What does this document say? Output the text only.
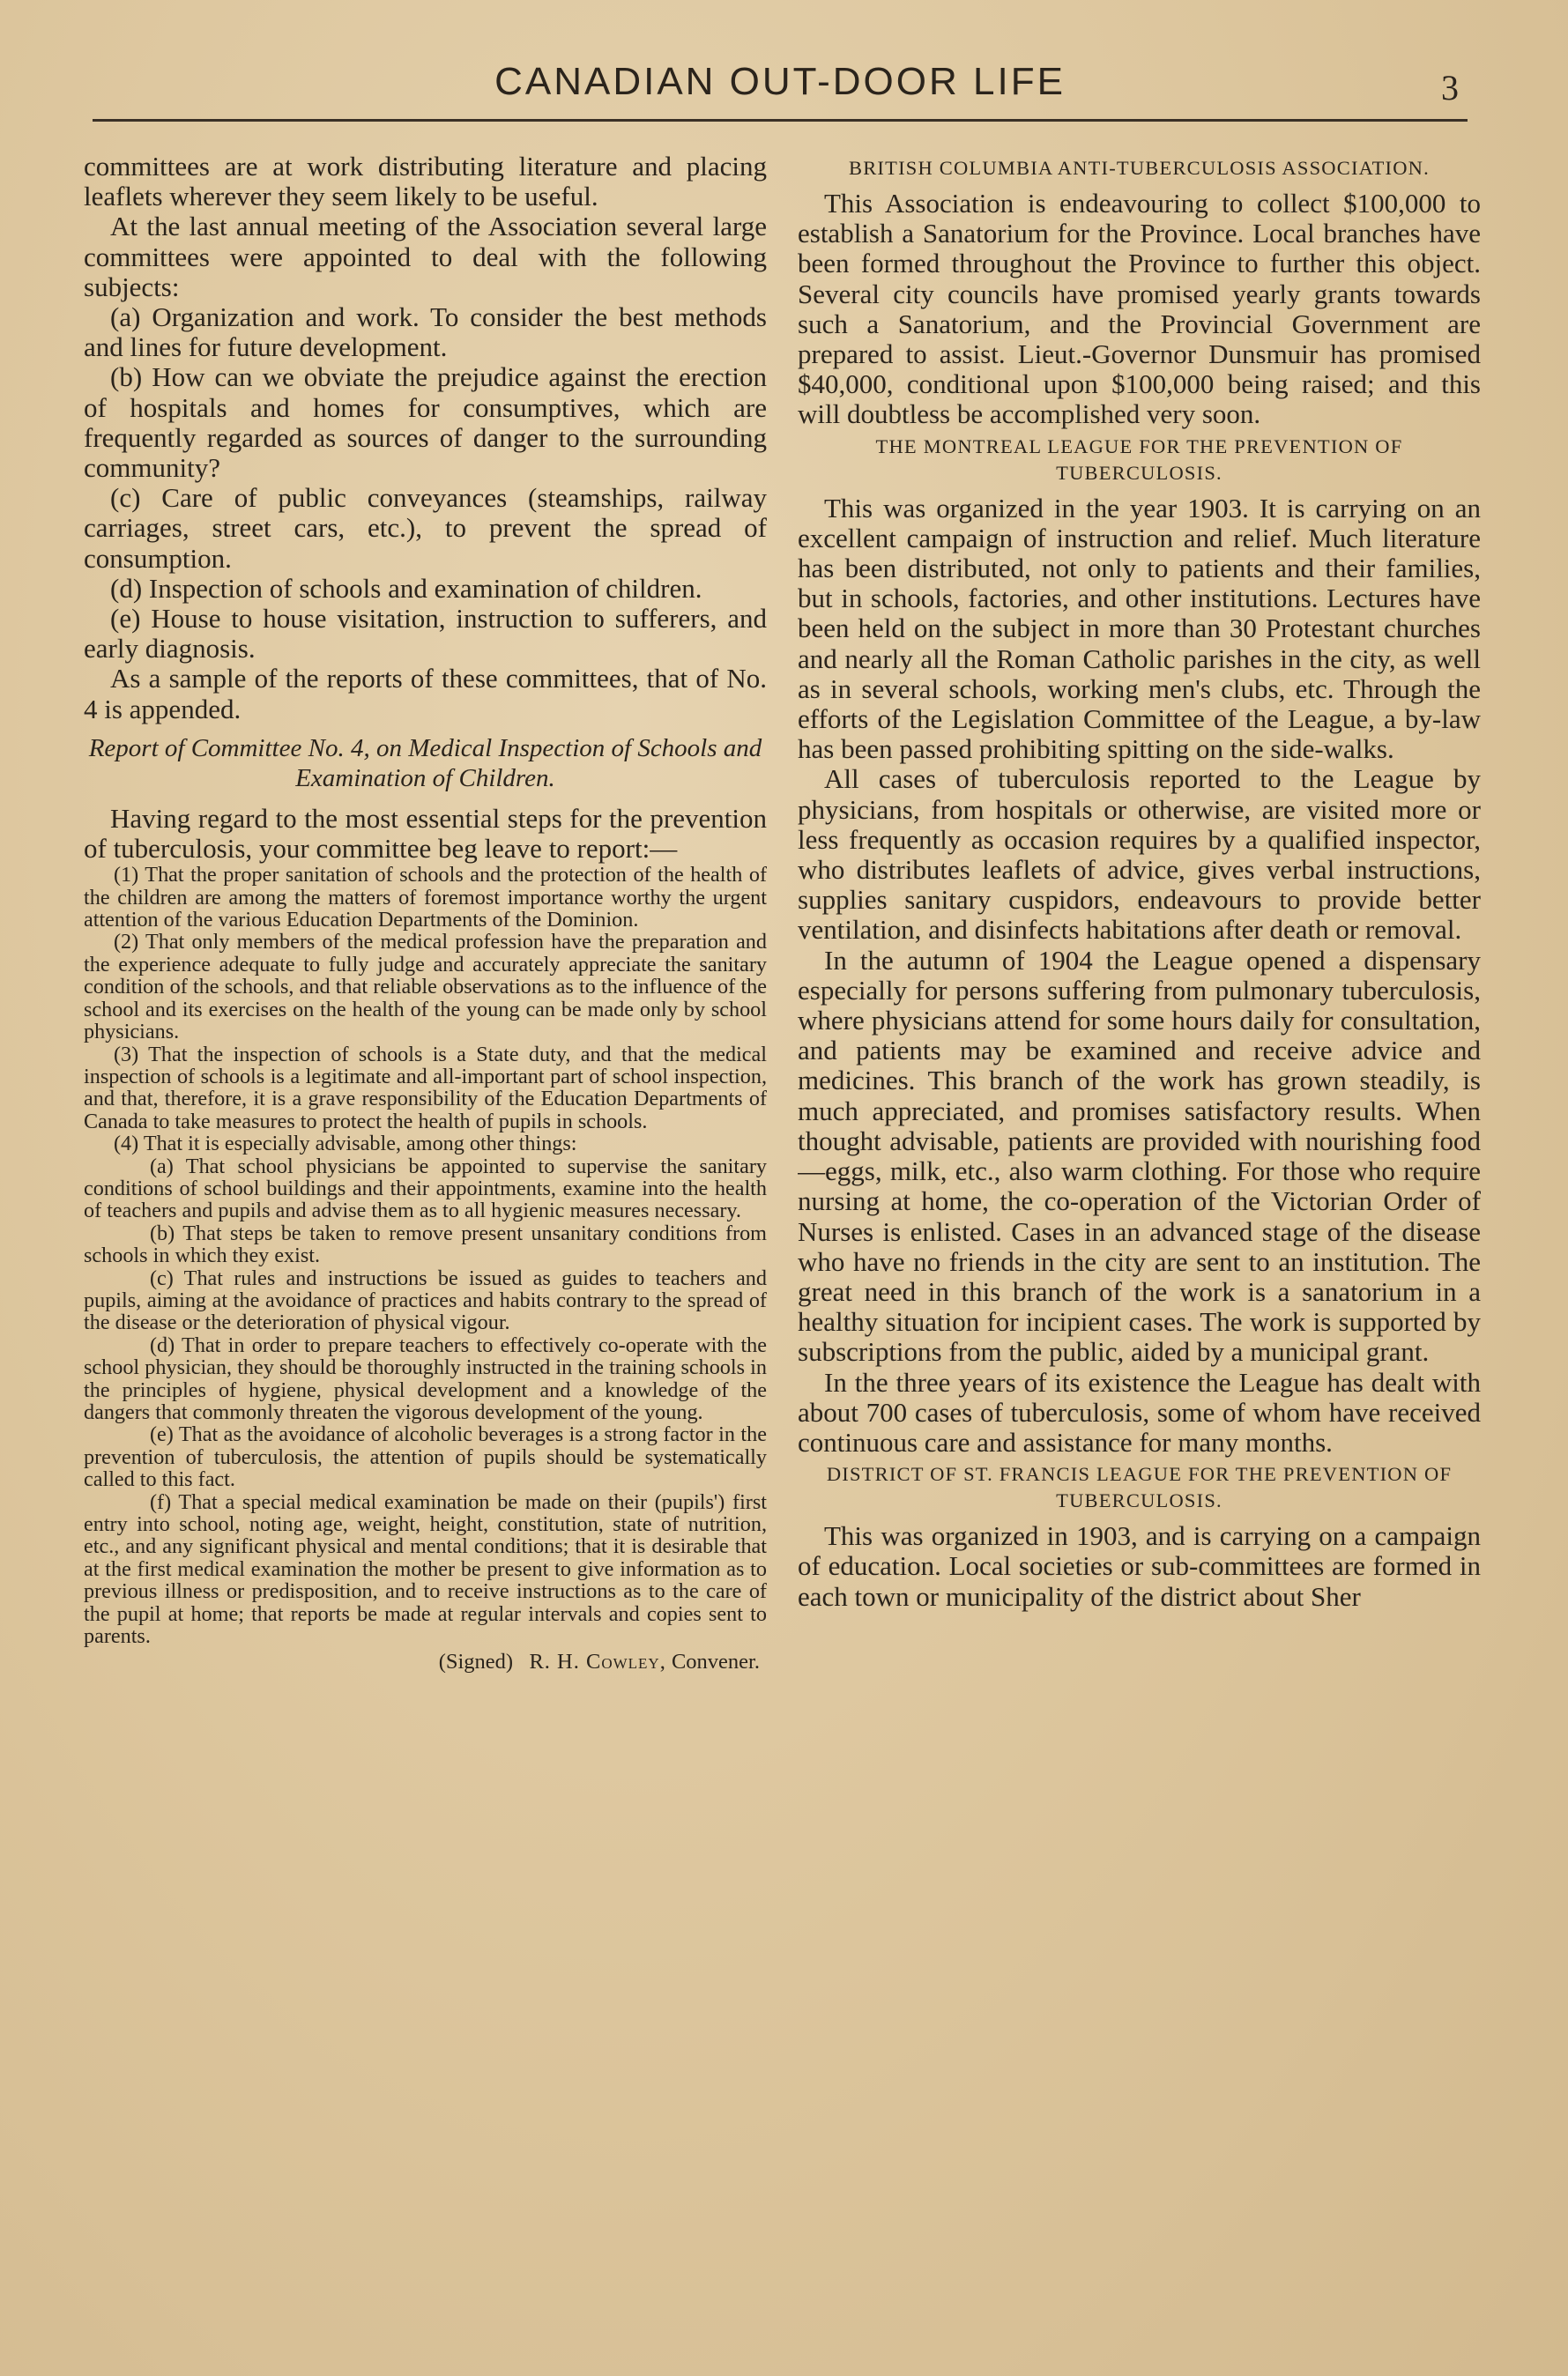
CANADIAN OUT-DOOR LIFE	3

committees are at work distributing literature and placing leaflets wherever they seem likely to be useful.

At the last annual meeting of the Association several large committees were appointed to deal with the following subjects:

(a) Organization and work. To consider the best methods and lines for future development.

(b) How can we obviate the prejudice against the erection of hospitals and homes for consumptives, which are frequently regarded as sources of danger to the surrounding community?

(c) Care of public conveyances (steamships, railway carriages, street cars, etc.), to prevent the spread of consumption.

(d) Inspection of schools and examination of children.

(e) House to house visitation, instruction to sufferers, and early diagnosis.

As a sample of the reports of these committees, that of No. 4 is appended.

Report of Committee No. 4, on Medical Inspection of Schools and Examination of Children.

Having regard to the most essential steps for the prevention of tuberculosis, your committee beg leave to report:—

(1) That the proper sanitation of schools and the protection of the health of the children are among the matters of foremost importance worthy the urgent attention of the various Education Departments of the Dominion.

(2) That only members of the medical profession have the preparation and the experience adequate to fully judge and accurately appreciate the sanitary condition of the schools, and that reliable observations as to the influence of the school and its exercises on the health of the young can be made only by school physicians.

(3) That the inspection of schools is a State duty, and that the medical inspection of schools is a legitimate and all-important part of school inspection, and that, therefore, it is a grave responsibility of the Education Departments of Canada to take measures to protect the health of pupils in schools.

(4) That it is especially advisable, among other things:

(a) That school physicians be appointed to supervise the sanitary conditions of school buildings and their appointments, examine into the health of teachers and pupils and advise them as to all hygienic measures necessary.

(b) That steps be taken to remove present unsanitary conditions from schools in which they exist.

(c) That rules and instructions be issued as guides to teachers and pupils, aiming at the avoidance of practices and habits contrary to the spread of the disease or the deterioration of physical vigour.

(d) That in order to prepare teachers to effectively co-operate with the school physician, they should be thoroughly instructed in the training schools in the principles of hygiene, physical development and a knowledge of the dangers that commonly threaten the vigorous development of the young.

(e) That as the avoidance of alcoholic beverages is a strong factor in the prevention of tuberculosis, the attention of pupils should be systematically called to this fact.

(f) That a special medical examination be made on their (pupils') first entry into school, noting age, weight, height, constitution, state of nutrition, etc., and any significant physical and mental conditions; that it is desirable that at the first medical examination the mother be present to give information as to previous illness or predisposition, and to receive instructions as to the care of the pupil at home; that reports be made at regular intervals and copies sent to parents.

(Signed) R. H. Cowley, Convener.

BRITISH COLUMBIA ANTI-TUBERCULOSIS ASSOCIATION.

This Association is endeavouring to collect $100,000 to establish a Sanatorium for the Province. Local branches have been formed throughout the Province to further this object. Several city councils have promised yearly grants towards such a Sanatorium, and the Provincial Government are prepared to assist. Lieut.-Governor Dunsmuir has promised $40,000, conditional upon $100,000 being raised; and this will doubtless be accomplished very soon.

THE MONTREAL LEAGUE FOR THE PREVENTION OF TUBERCULOSIS.

This was organized in the year 1903. It is carrying on an excellent campaign of instruction and relief. Much literature has been distributed, not only to patients and their families, but in schools, factories, and other institutions. Lectures have been held on the subject in more than 30 Protestant churches and nearly all the Roman Catholic parishes in the city, as well as in several schools, working men's clubs, etc. Through the efforts of the Legislation Committee of the League, a by-law has been passed prohibiting spitting on the side-walks.

All cases of tuberculosis reported to the League by physicians, from hospitals or otherwise, are visited more or less frequently as occasion requires by a qualified inspector, who distributes leaflets of advice, gives verbal instructions, supplies sanitary cuspidors, endeavours to provide better ventilation, and disinfects habitations after death or removal.

In the autumn of 1904 the League opened a dispensary especially for persons suffering from pulmonary tuberculosis, where physicians attend for some hours daily for consultation, and patients may be examined and receive advice and medicines. This branch of the work has grown steadily, is much appreciated, and promises satisfactory results. When thought advisable, patients are provided with nourishing food—eggs, milk, etc., also warm clothing. For those who require nursing at home, the co-operation of the Victorian Order of Nurses is enlisted. Cases in an advanced stage of the disease who have no friends in the city are sent to an institution. The great need in this branch of the work is a sanatorium in a healthy situation for incipient cases. The work is supported by subscriptions from the public, aided by a municipal grant.

In the three years of its existence the League has dealt with about 700 cases of tuberculosis, some of whom have received continuous care and assistance for many months.

DISTRICT OF ST. FRANCIS LEAGUE FOR THE PREVENTION OF TUBERCULOSIS.

This was organized in 1903, and is carrying on a campaign of education. Local societies or sub-committees are formed in each town or municipality of the district about Sher
